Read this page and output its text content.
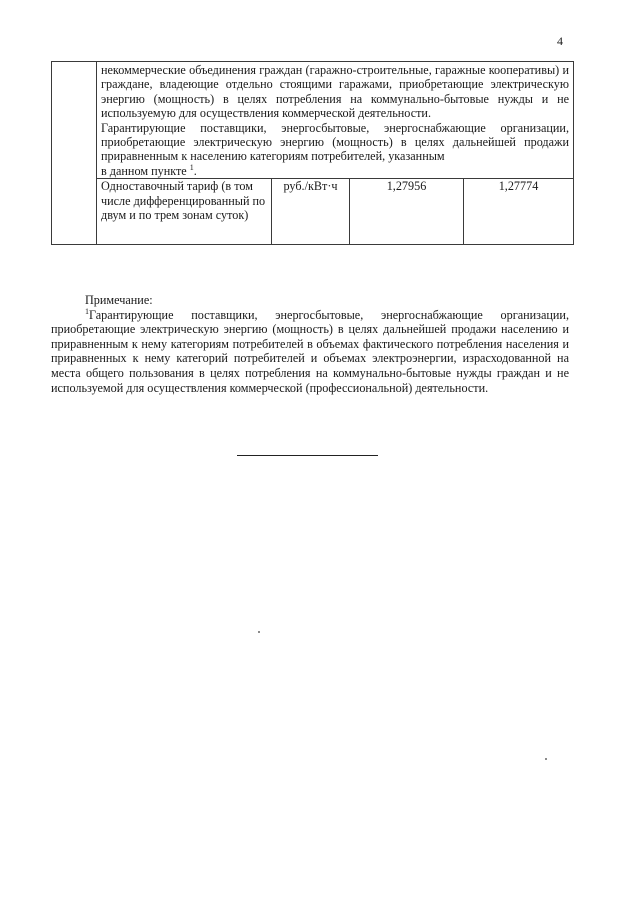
4

	некоммерческие объединения граждан (гаражно-строительные, гаражные кооперативы) и граждане, владеющие отдельно стоящими гаражами, приобретающие электрическую энергию (мощность) в целях потребления на коммунально-бытовые нужды и не используемую для осуществления коммерческой деятельности.

Гарантирующие поставщики, энергосбытовые, энергоснабжающие организации, приобретающие электрическую энергию (мощность) в целях дальнейшей продажи приравненным к населению категориям потребителей, указанным

в данном пункте $^1$.			

	Одноставочный тариф (в том числе дифференцированный по двум и по трем зонам суток)	руб./кВт·ч	1,27956	1,27774

Примечание:

$^1$Гарантирующие поставщики, энергосбытовые, энергоснабжающие организации, приобретающие электрическую энергию (мощность) в целях дальнейшей продажи населению и приравненным к нему категориям потребителей в объемах фактического потребления населения и приравненных к нему категорий потребителей и объемах электроэнергии, израсходованной на места общего пользования в целях потребления на коммунально-бытовые нужды граждан и не используемой для осуществления коммерческой (профессиональной) деятельности.
